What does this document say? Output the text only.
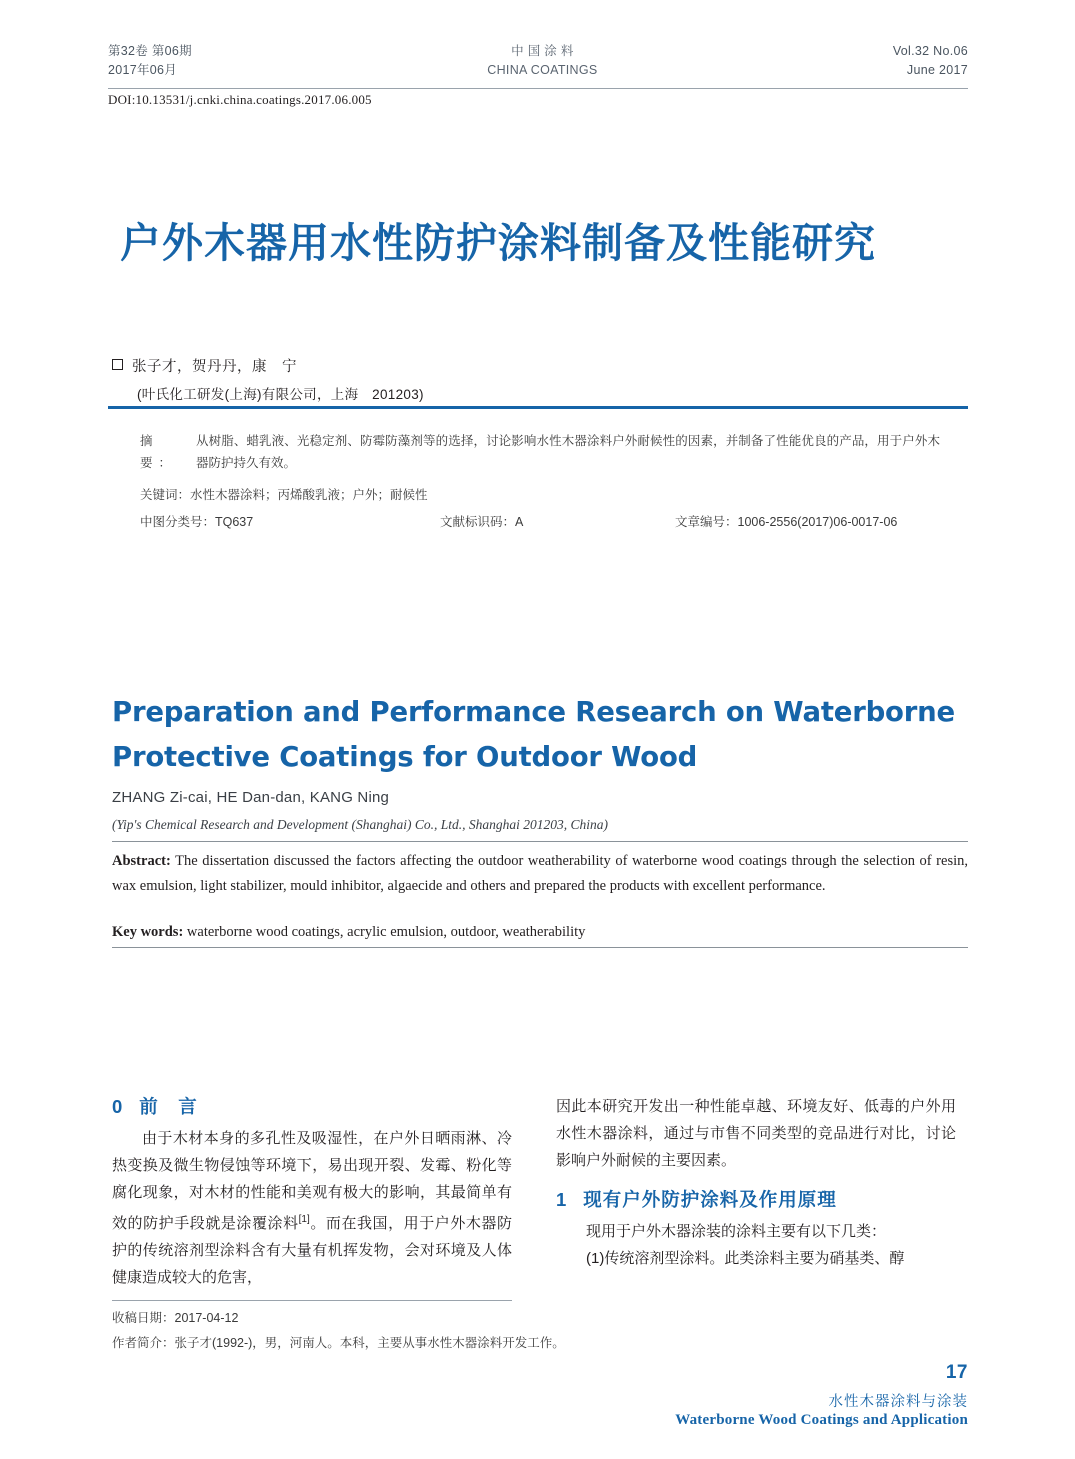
第32卷 第06期
2017年06月
中 国 涂 料
CHINA COATINGS
Vol.32 No.06
June 2017
DOI:10.13531/j.cnki.china.coatings.2017.06.005
户外木器用水性防护涂料制备及性能研究
张子才，贺丹丹，康　宁
(叶氏化工研发(上海)有限公司，上海　201203)
摘　要：
从树脂、蜡乳液、光稳定剂、防霉防藻剂等的选择，讨论影响水性木器涂料户外耐候性的因素，并制备了性能优良的产品，用于户外木器防护持久有效。
关键词：水性木器涂料；丙烯酸乳液；户外；耐候性
中图分类号：TQ637	文献标识码：A	文章编号：1006-2556(2017)06-0017-06
Preparation and Performance Research on Waterborne Protective Coatings for Outdoor Wood
ZHANG Zi-cai, HE Dan-dan, KANG Ning
(Yip's Chemical Research and Development (Shanghai) Co., Ltd., Shanghai 201203, China)
Abstract: The dissertation discussed the factors affecting the outdoor weatherability of waterborne wood coatings through the selection of resin, wax emulsion, light stabilizer, mould inhibitor, algaecide and others and prepared the products with excellent performance.
Key words: waterborne wood coatings, acrylic emulsion, outdoor, weatherability
0 前　言

由于木材本身的多孔性及吸湿性，在户外日晒雨淋、冷热变换及微生物侵蚀等环境下，易出现开裂、发霉、粉化等腐化现象，对木材的性能和美观有极大的影响，其最简单有效的防护手段就是涂覆涂料[1]。而在我国，用于户外木器防护的传统溶剂型涂料含有大量有机挥发物，会对环境及人体健康造成较大的危害，

因此本研究开发出一种性能卓越、环境友好、低毒的户外用水性木器涂料，通过与市售不同类型的竞品进行对比，讨论影响户外耐候的主要因素。

1 现有户外防护涂料及作用原理

现用于户外木器涂装的涂料主要有以下几类：

(1)传统溶剂型涂料。此类涂料主要为硝基类、醇

收稿日期：2017-04-12
作者简介：张子才(1992-)，男，河南人。本科，主要从事水性木器涂料开发工作。
17
水性木器涂料与涂装
Waterborne Wood Coatings and Application
